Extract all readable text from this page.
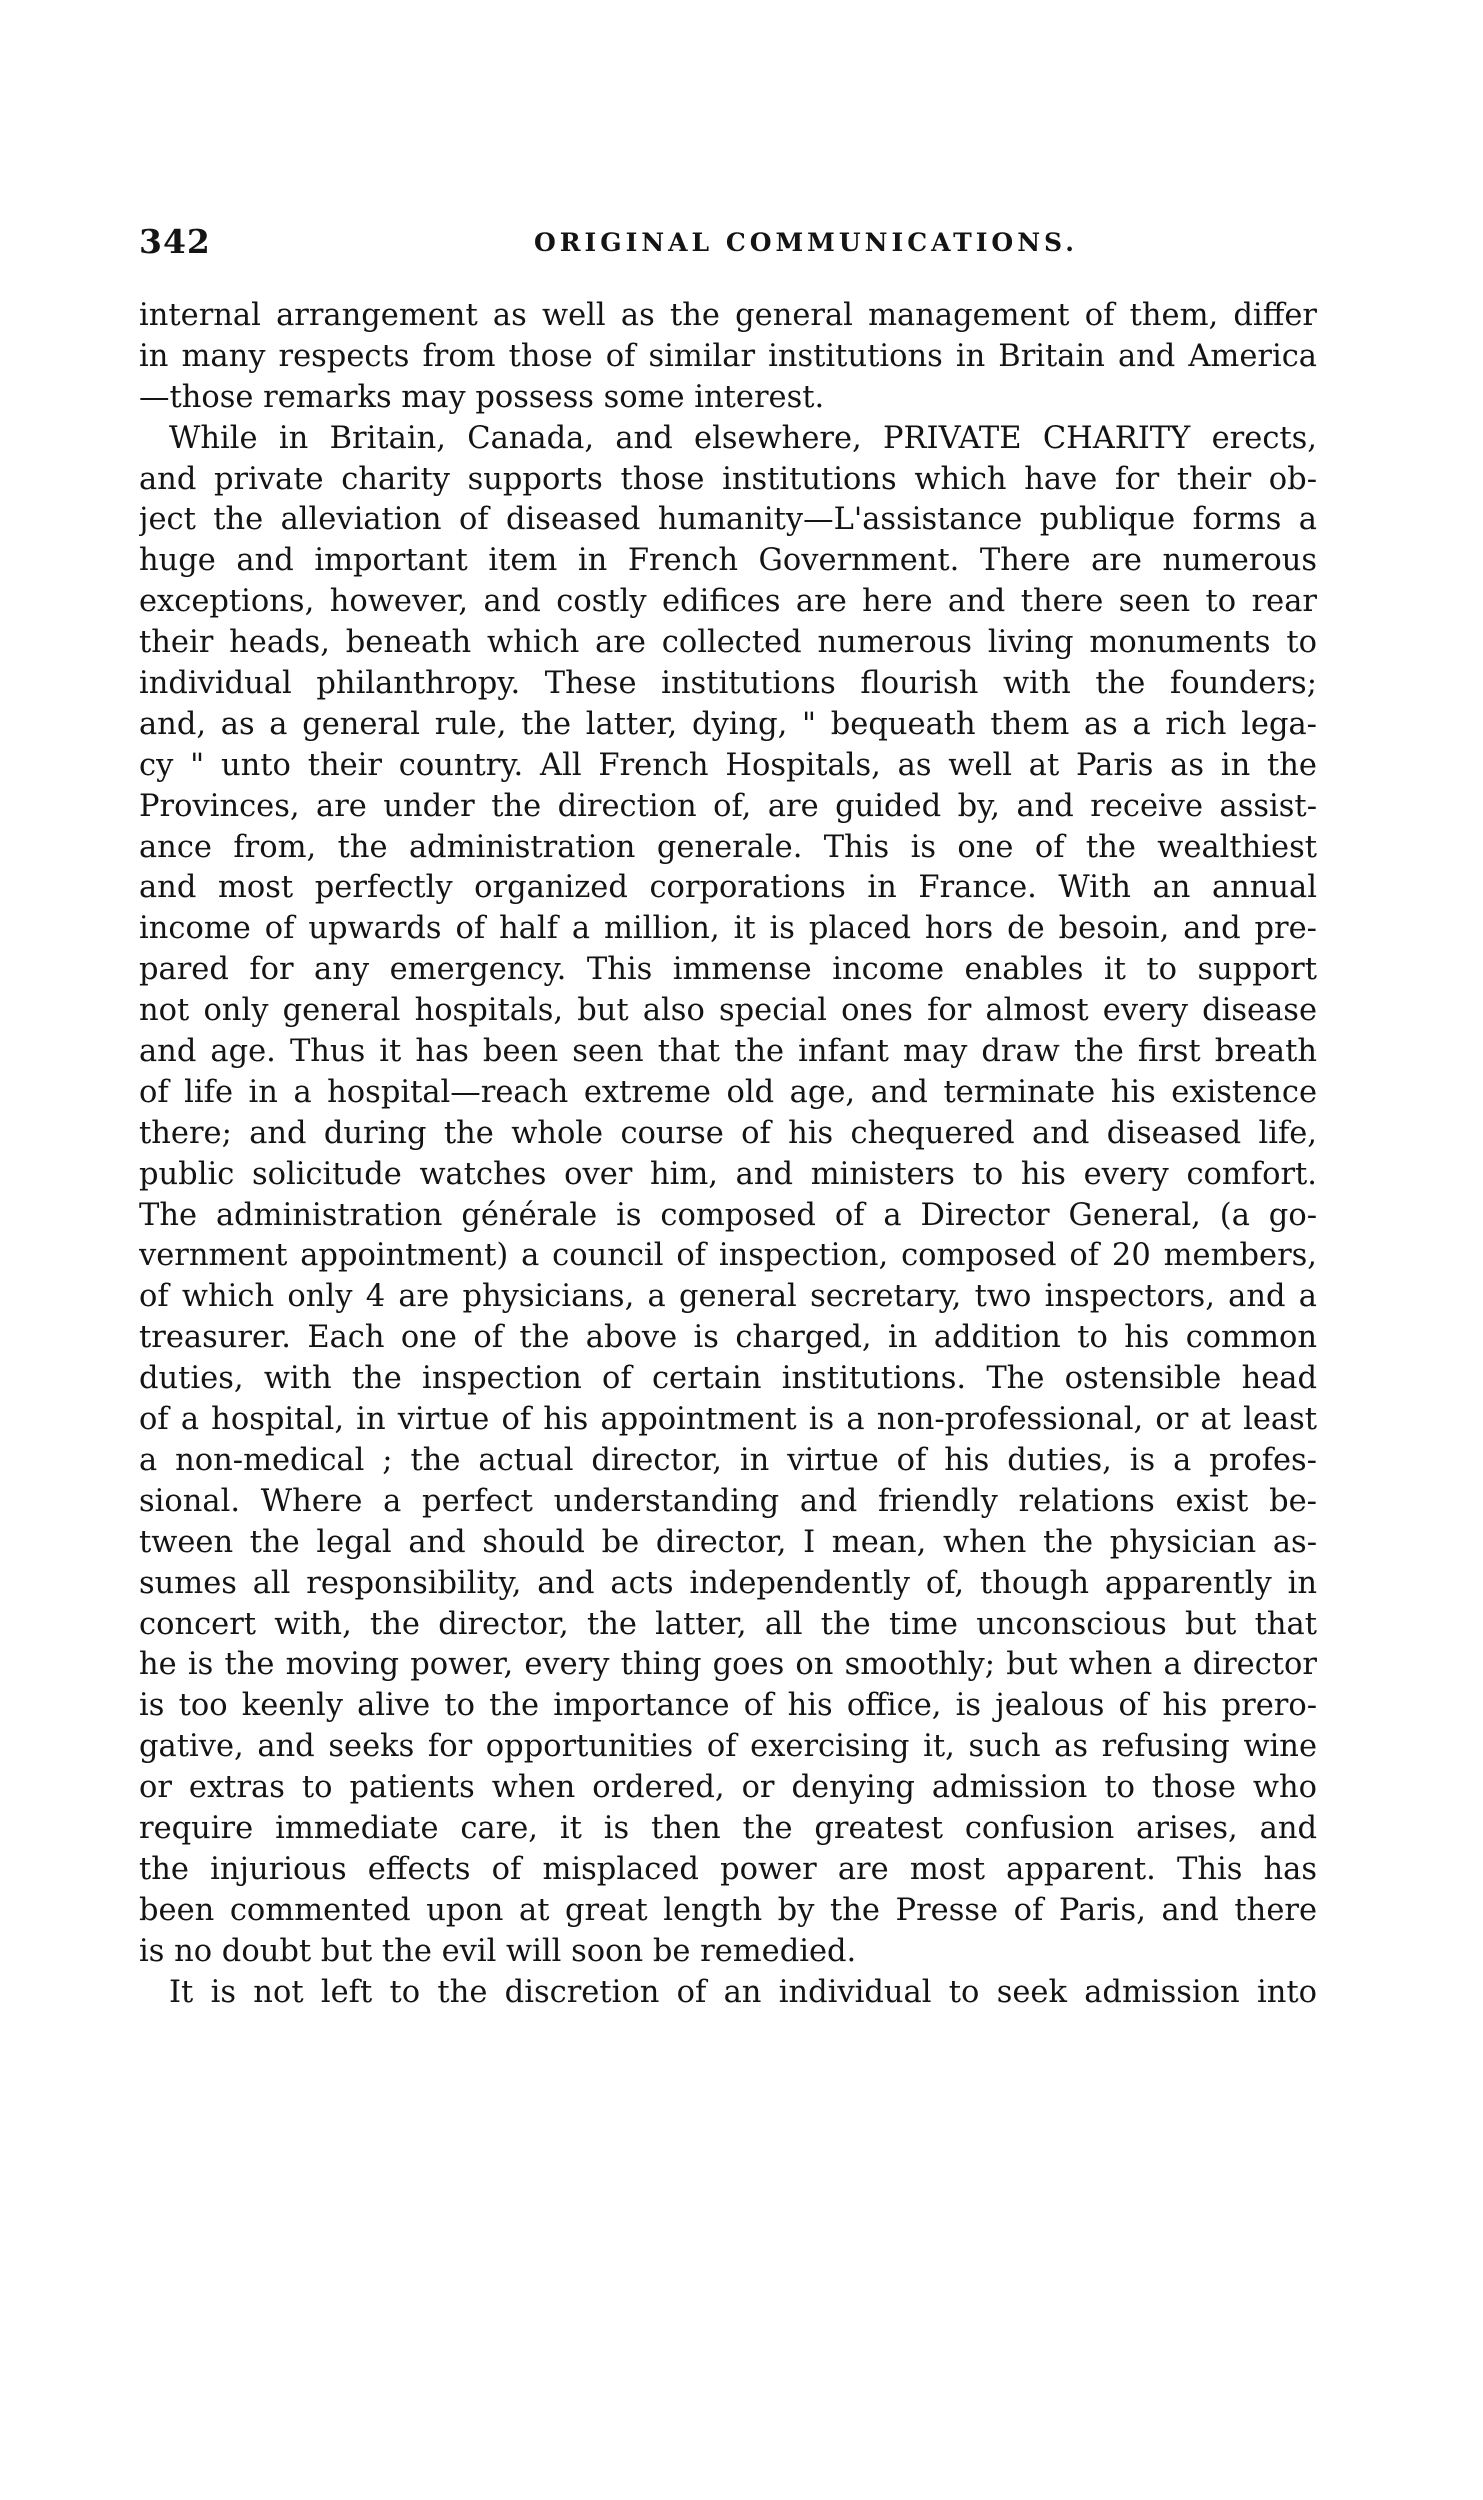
342	ORIGINAL COMMUNICATIONS.
internal arrangement as well as the general management of them, differ
in many respects from those of similar institutions in Britain and America
—those remarks may possess some interest.
While in Britain, Canada, and elsewhere, PRIVATE CHARITY erects,
and private charity supports those institutions which have for their ob-
ject the alleviation of diseased humanity—L'assistance publique forms a
huge and important item in French Government. There are numerous
exceptions, however, and costly edifices are here and there seen to rear
their heads, beneath which are collected numerous living monuments to
individual philanthropy. These institutions flourish with the founders;
and, as a general rule, the latter, dying, " bequeath them as a rich lega-
cy " unto their country. All French Hospitals, as well at Paris as in the
Provinces, are under the direction of, are guided by, and receive assist-
ance from, the administration generale. This is one of the wealthiest
and most perfectly organized corporations in France. With an annual
income of upwards of half a million, it is placed hors de besoin, and pre-
pared for any emergency. This immense income enables it to support
not only general hospitals, but also special ones for almost every disease
and age. Thus it has been seen that the infant may draw the first breath
of life in a hospital—reach extreme old age, and terminate his existence
there; and during the whole course of his chequered and diseased life,
public solicitude watches over him, and ministers to his every comfort.
The administration générale is composed of a Director General, (a go-
vernment appointment) a council of inspection, composed of 20 members,
of which only 4 are physicians, a general secretary, two inspectors, and a
treasurer. Each one of the above is charged, in addition to his common
duties, with the inspection of certain institutions. The ostensible head
of a hospital, in virtue of his appointment is a non-professional, or at least
a non-medical ; the actual director, in virtue of his duties, is a profes-
sional. Where a perfect understanding and friendly relations exist be-
tween the legal and should be director, I mean, when the physician as-
sumes all responsibility, and acts independently of, though apparently in
concert with, the director, the latter, all the time unconscious but that
he is the moving power, every thing goes on smoothly; but when a director
is too keenly alive to the importance of his office, is jealous of his prero-
gative, and seeks for opportunities of exercising it, such as refusing wine
or extras to patients when ordered, or denying admission to those who
require immediate care, it is then the greatest confusion arises, and
the injurious effects of misplaced power are most apparent. This has
been commented upon at great length by the Presse of Paris, and there
is no doubt but the evil will soon be remedied.
It is not left to the discretion of an individual to seek admission into
